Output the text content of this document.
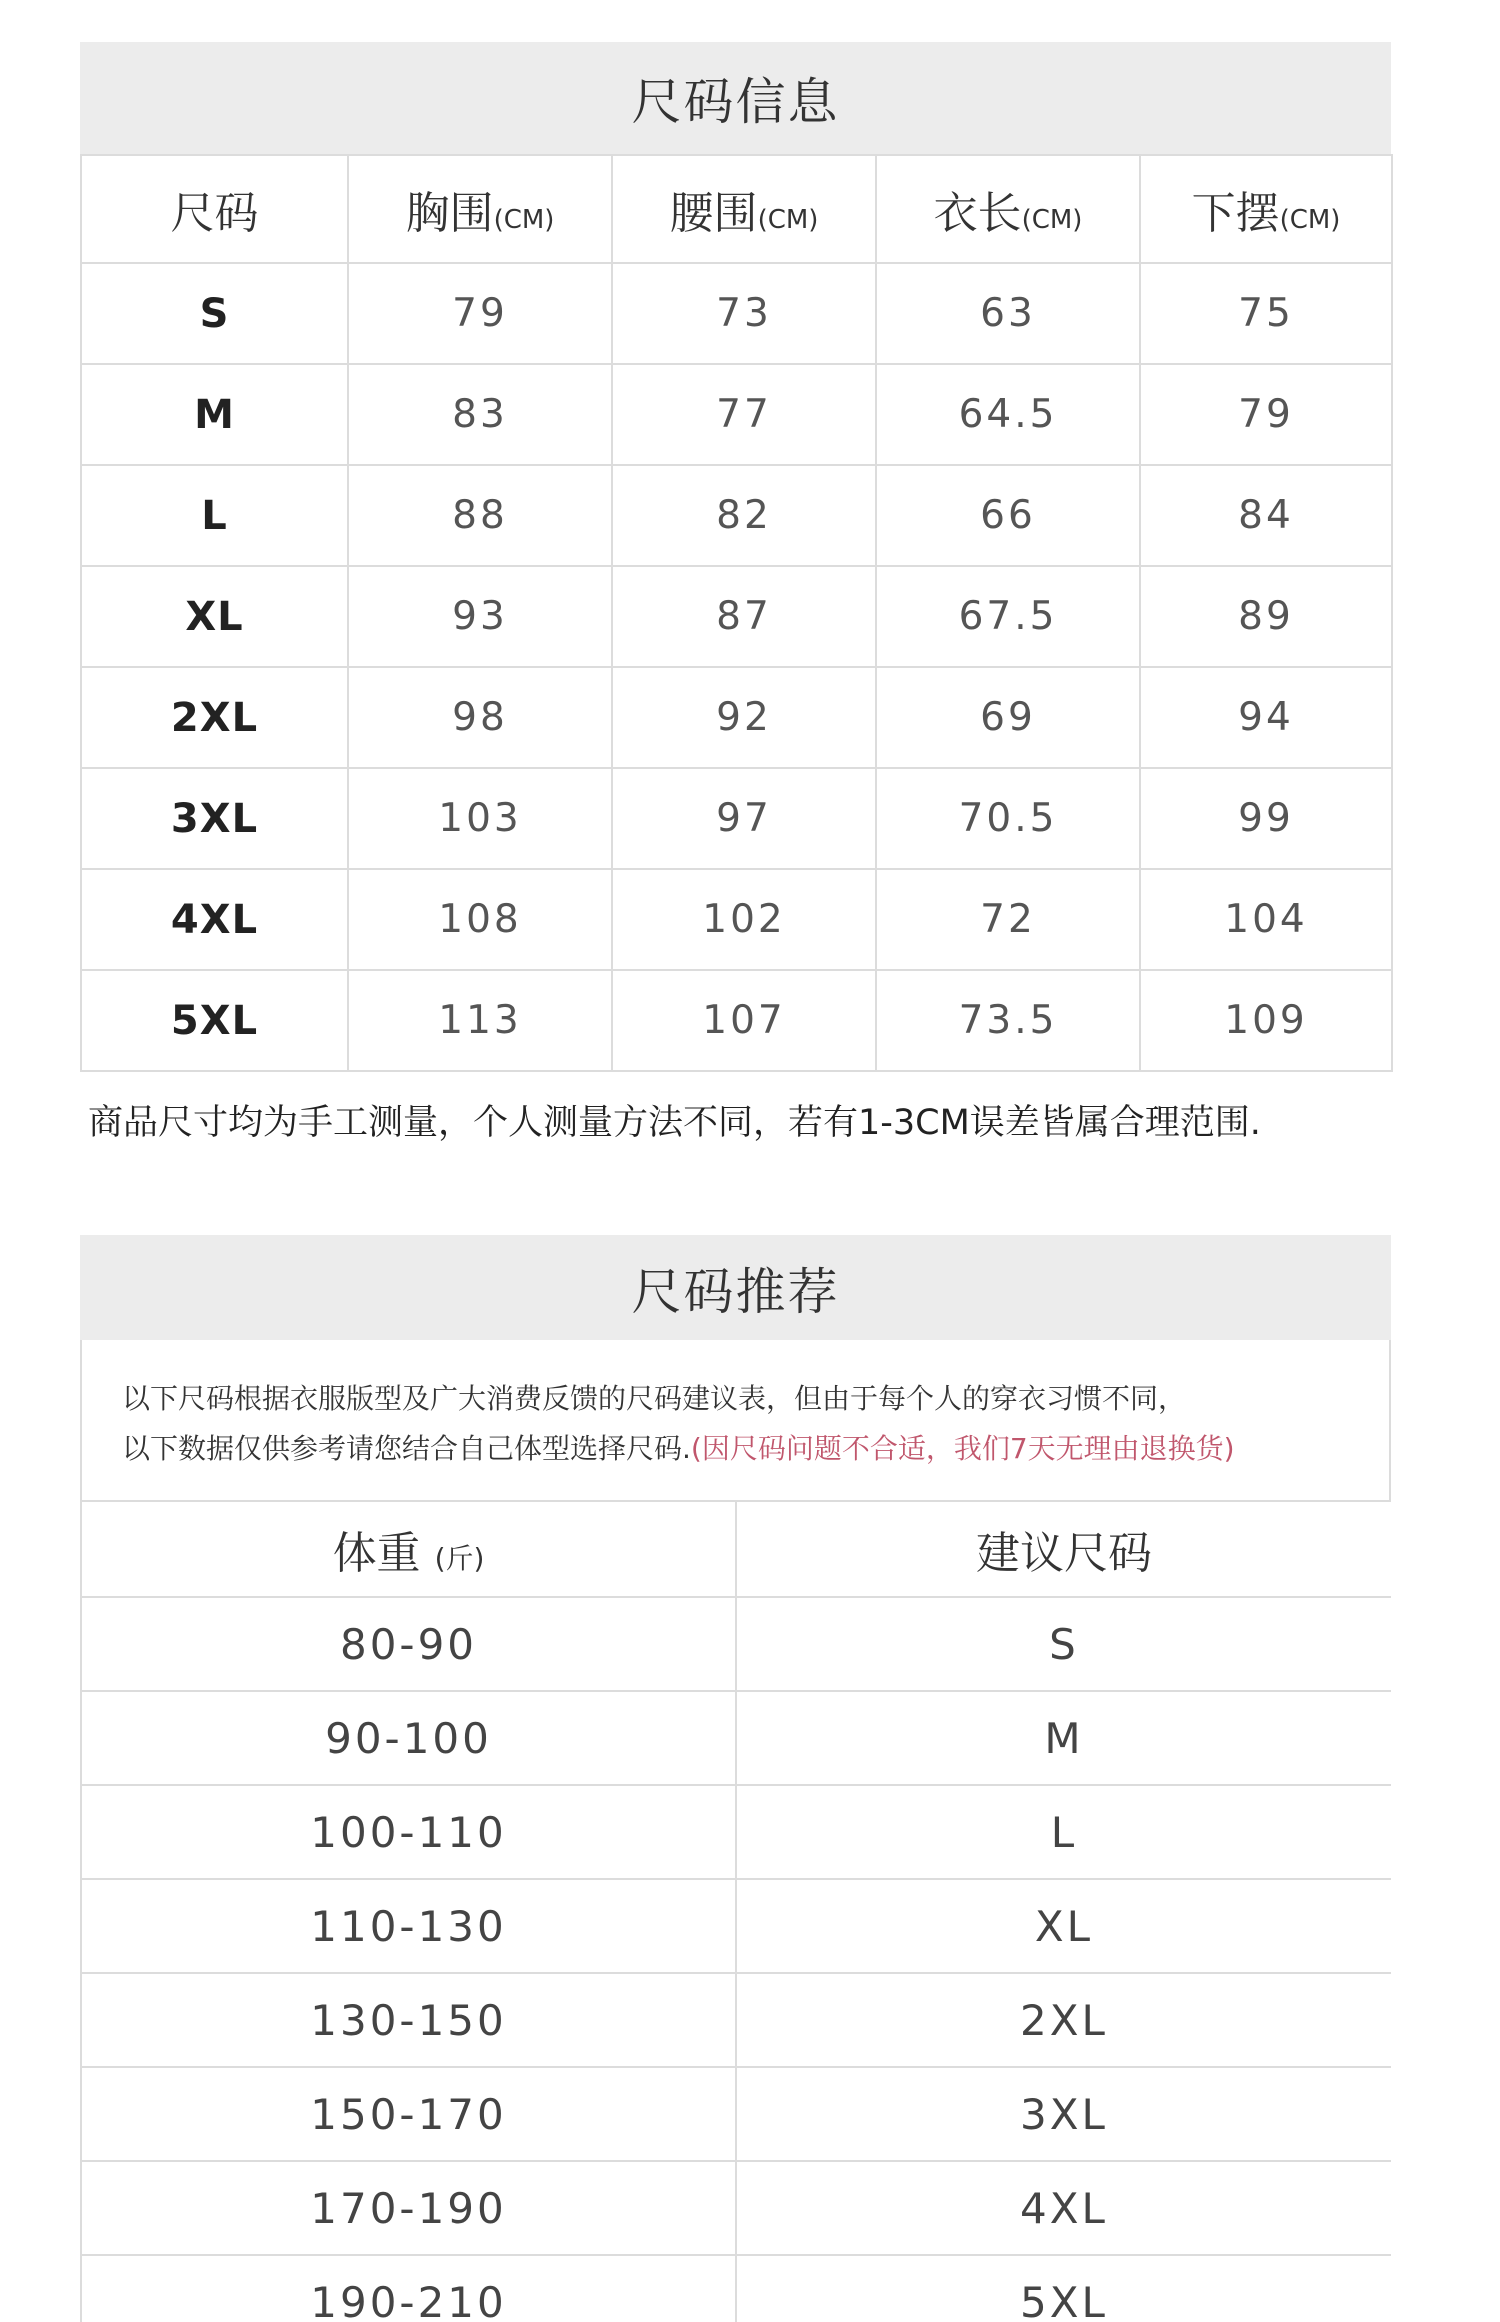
尺码信息
尺码	胸围(CM)	腰围(CM)	衣长(CM)	下摆(CM)
S	79	73	63	75
M	83	77	64.5	79
L	88	82	66	84
XL	93	87	67.5	89
2XL	98	92	69	94
3XL	103	97	70.5	99
4XL	108	102	72	104
5XL	113	107	73.5	109
商品尺寸均为手工测量，个人测量方法不同，若有1-3CM误差皆属合理范围.
尺码推荐
以下尺码根据衣服版型及广大消费反馈的尺码建议表，但由于每个人的穿衣习惯不同，
以下数据仅供参考请您结合自己体型选择尺码.(因尺码问题不合适，我们7天无理由退换货)
体重 (斤)	建议尺码
80-90	S
90-100	M
100-110	L
110-130	XL
130-150	2XL
150-170	3XL
170-190	4XL
190-210	5XL
